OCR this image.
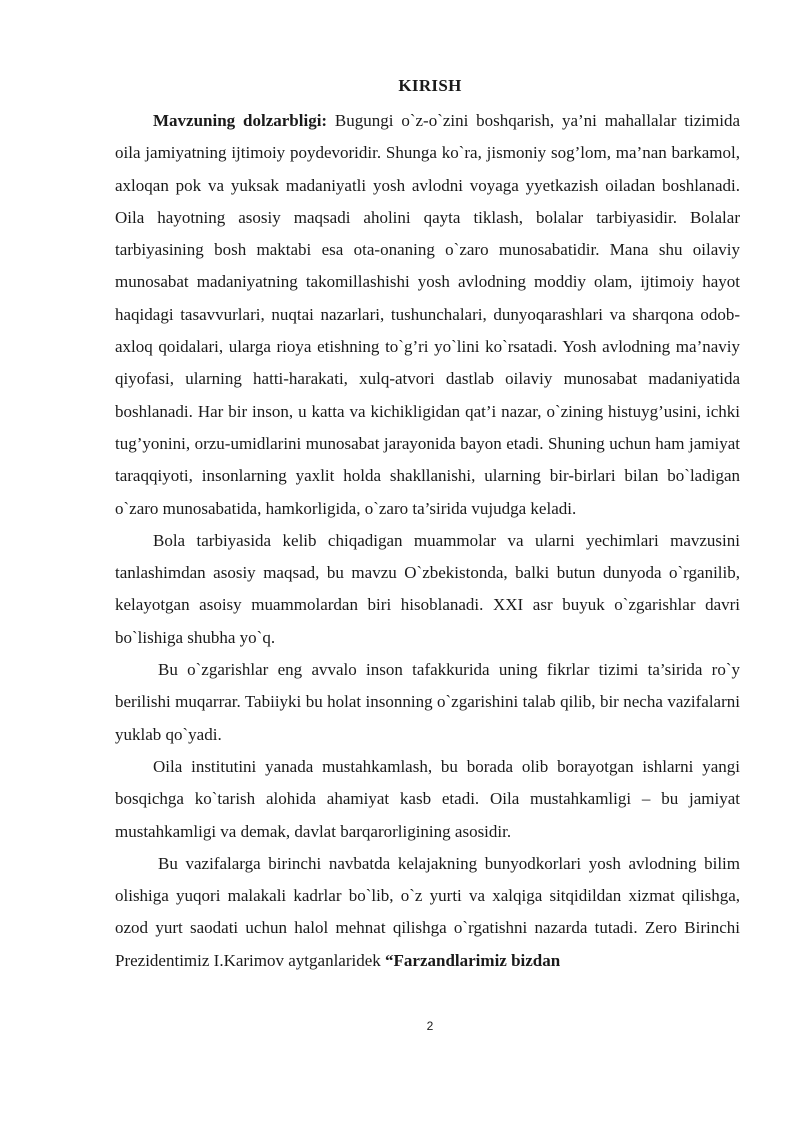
KIRISH

Mavzuning dolzarbligi: Bugungi o`z-o`zini boshqarish, ya’ni mahallalar tizimida oila jamiyatning ijtimoiy poydevoridir. Shunga ko`ra, jismoniy sog’lom, ma’nan barkamol, axloqan pok va yuksak madaniyatli yosh avlodni voyaga yyetkazish oiladan boshlanadi. Oila hayotning asosiy maqsadi aholini qayta tiklash, bolalar tarbiyasidir. Bolalar tarbiyasining bosh maktabi esa ota-onaning o`zaro munosabatidir. Mana shu oilaviy munosabat madaniyatning takomillashishi yosh avlodning moddiy olam, ijtimoiy hayot haqidagi tasavvurlari, nuqtai nazarlari, tushunchalari, dunyoqarashlari va sharqona odob-axloq qoidalari, ularga rioya etishning to`g’ri yo`lini ko`rsatadi. Yosh avlodning ma’naviy qiyofasi, ularning hatti-harakati, xulq-atvori dastlab oilaviy munosabat madaniyatida boshlanadi. Har bir inson, u katta va kichikligidan qat’i nazar, o`zining histuyg’usini, ichki tug’yonini, orzu-umidlarini munosabat jarayonida bayon etadi. Shuning uchun ham jamiyat taraqqiyoti, insonlarning yaxlit holda shakllanishi, ularning bir-birlari bilan bo`ladigan o`zaro munosabatida, hamkorligida, o`zaro ta’sirida vujudga keladi.

Bola tarbiyasida kelib chiqadigan muammolar va ularni yechimlari mavzusini tanlashimdan asosiy maqsad, bu mavzu O`zbekistonda, balki butun dunyoda o`rganilib, kelayotgan asoisy muammolardan biri hisoblanadi. XXI asr buyuk o`zgarishlar davri bo`lishiga shubha yo`q.

Bu o`zgarishlar eng avvalo inson tafakkurida uning fikrlar tizimi ta’sirida ro`y berilishi muqarrar. Tabiiyki bu holat insonning o`zgarishini talab qilib, bir necha vazifalarni yuklab qo`yadi.

Oila institutini yanada mustahkamlash, bu borada olib borayotgan ishlarni yangi bosqichga ko`tarish alohida ahamiyat kasb etadi. Oila mustahkamligi – bu jamiyat mustahkamligi va demak, davlat barqarorligining asosidir.

Bu vazifalarga birinchi navbatda kelajakning bunyodkorlari yosh avlodning bilim olishiga yuqori malakali kadrlar bo`lib, o`z yurti va xalqiga sitqidildan xizmat qilishga, ozod yurt saodati uchun halol mehnat qilishga o`rgatishni nazarda tutadi. Zero Birinchi Prezidentimiz I.Karimov aytganlaridek “Farzandlarimiz bizdan

2
